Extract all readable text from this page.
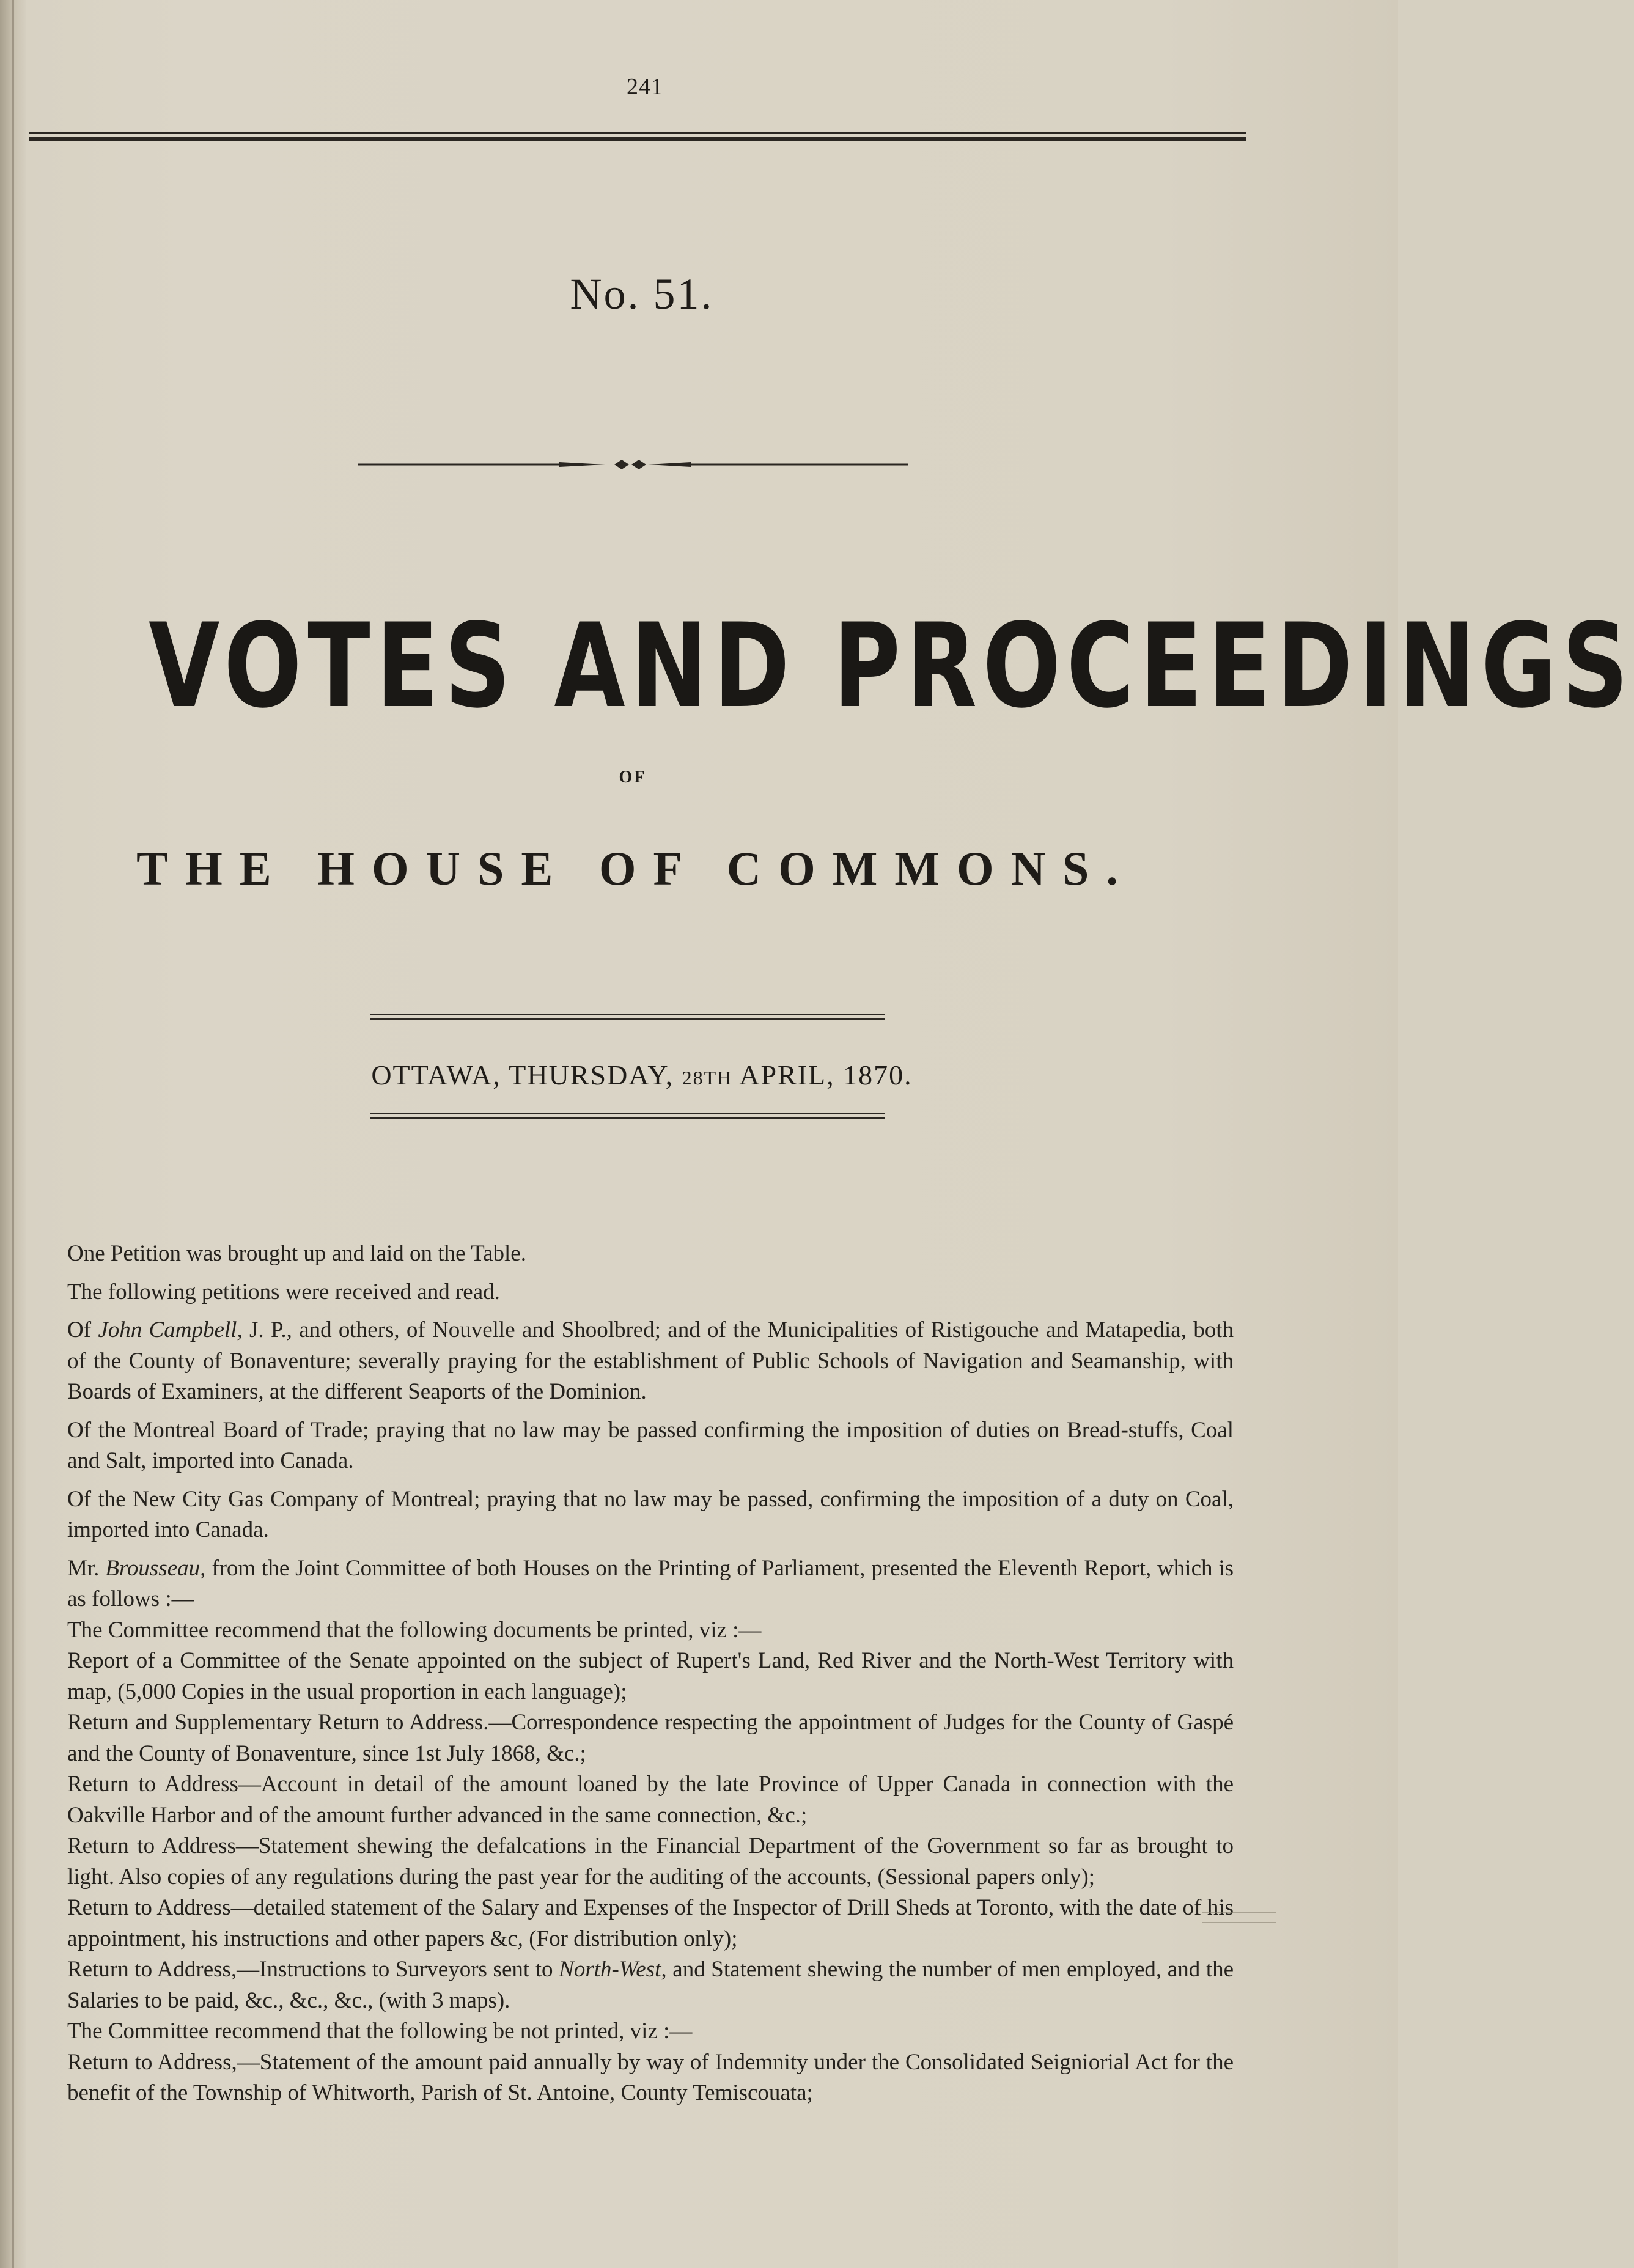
241
No. 51.
VOTES AND PROCEEDINGS
OF
THE HOUSE OF COMMONS.
OTTAWA, THURSDAY, 28TH APRIL, 1870.

One Petition was brought up and laid on the Table.

The following petitions were received and read.

Of John Campbell, J. P., and others, of Nouvelle and Shoolbred; and of the Municipalities of Ristigouche and Matapedia, both of the County of Bonaventure; severally praying for the establishment of Public Schools of Navigation and Seamanship, with Boards of Examiners, at the different Seaports of the Dominion.

Of the Montreal Board of Trade; praying that no law may be passed confirming the imposition of duties on Bread-stuffs, Coal and Salt, imported into Canada.

Of the New City Gas Company of Montreal; praying that no law may be passed, confirming the imposition of a duty on Coal, imported into Canada.

Mr. Brousseau, from the Joint Committee of both Houses on the Printing of Parliament, presented the Eleventh Report, which is as follows :—

The Committee recommend that the following documents be printed, viz :—

Report of a Committee of the Senate appointed on the subject of Rupert's Land, Red River and the North-West Territory with map, (5,000 Copies in the usual proportion in each language);

Return and Supplementary Return to Address.—Correspondence respecting the appointment of Judges for the County of Gaspé and the County of Bonaventure, since 1st July 1868, &c.;

Return to Address—Account in detail of the amount loaned by the late Province of Upper Canada in connection with the Oakville Harbor and of the amount further advanced in the same connection, &c.;

Return to Address—Statement shewing the defalcations in the Financial Department of the Government so far as brought to light. Also copies of any regulations during the past year for the auditing of the accounts, (Sessional papers only);

Return to Address—detailed statement of the Salary and Expenses of the Inspector of Drill Sheds at Toronto, with the date of his appointment, his instructions and other papers &c, (For distribution only);

Return to Address,—Instructions to Surveyors sent to North-West, and Statement shewing the number of men employed, and the Salaries to be paid, &c., &c., &c., (with 3 maps).

The Committee recommend that the following be not printed, viz :—

Return to Address,—Statement of the amount paid annually by way of Indemnity under the Consolidated Seigniorial Act for the benefit of the Township of Whitworth, Parish of St. Antoine, County Temiscouata;
